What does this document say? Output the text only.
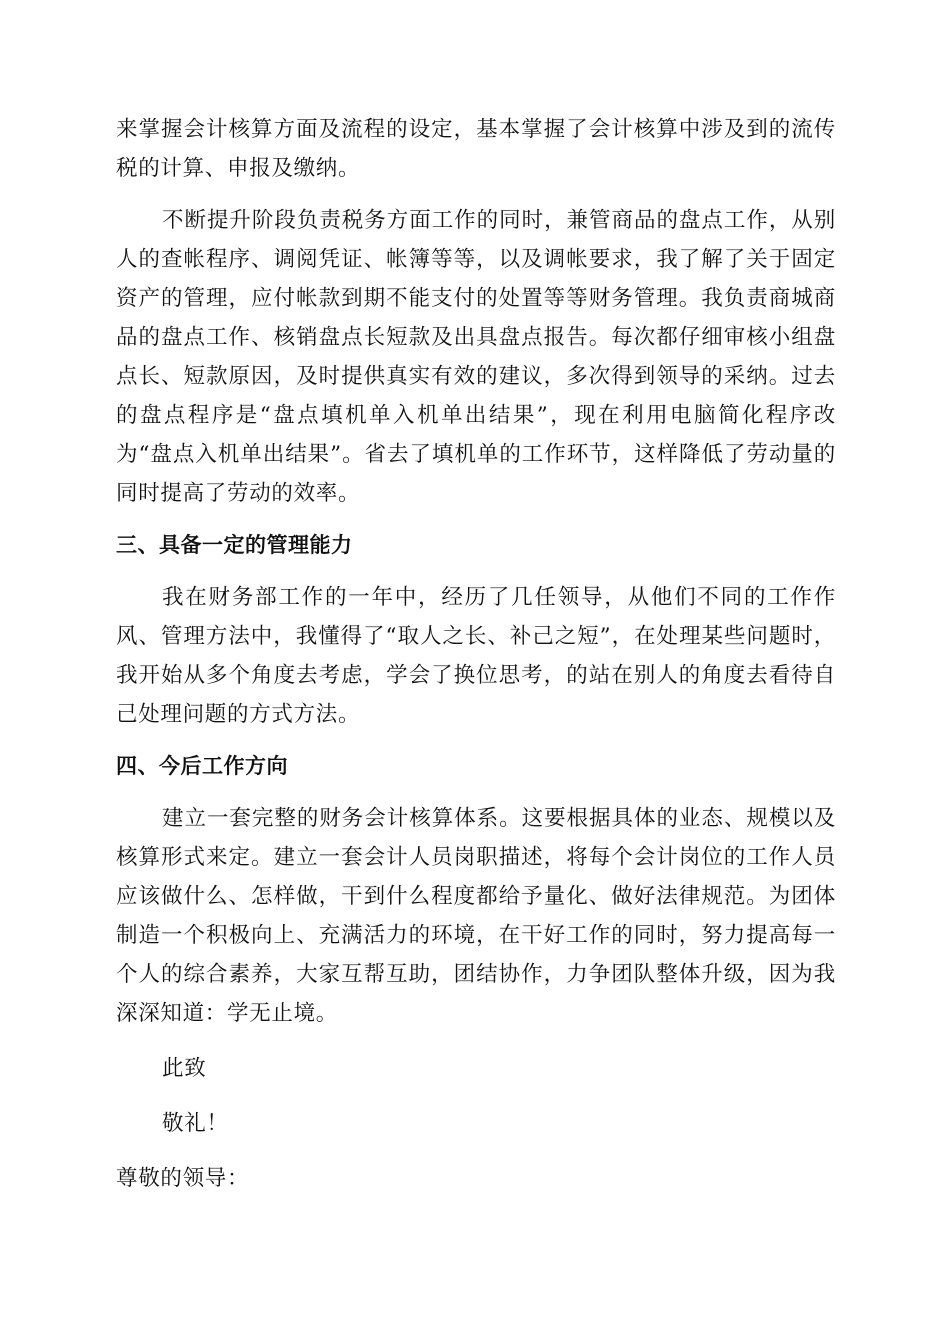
来掌握会计核算方面及流程的设定，基本掌握了会计核算中涉及到的流传税的计算、申报及缴纳。

不断提升阶段负责税务方面工作的同时，兼管商品的盘点工作，从别人的查帐程序、调阅凭证、帐簿等等，以及调帐要求，我了解了关于固定资产的管理，应付帐款到期不能支付的处置等等财务管理。我负责商城商品的盘点工作、核销盘点长短款及出具盘点报告。每次都仔细审核小组盘点长、短款原因，及时提供真实有效的建议，多次得到领导的采纳。过去的盘点程序是“盘点填机单入机单出结果”，现在利用电脑简化程序改为“盘点入机单出结果”。省去了填机单的工作环节，这样降低了劳动量的同时提高了劳动的效率。

三、具备一定的管理能力

我在财务部工作的一年中，经历了几任领导，从他们不同的工作作风、管理方法中，我懂得了“取人之长、补己之短”，在处理某些问题时，我开始从多个角度去考虑，学会了换位思考，的站在别人的角度去看待自己处理问题的方式方法。

四、今后工作方向

建立一套完整的财务会计核算体系。这要根据具体的业态、规模以及核算形式来定。建立一套会计人员岗职描述，将每个会计岗位的工作人员应该做什么、怎样做，干到什么程度都给予量化、做好法律规范。为团体制造一个积极向上、充满活力的环境，在干好工作的同时，努力提高每一个人的综合素养，大家互帮互助，团结协作，力争团队整体升级，因为我深深知道：学无止境。

此致

敬礼！

尊敬的领导：
